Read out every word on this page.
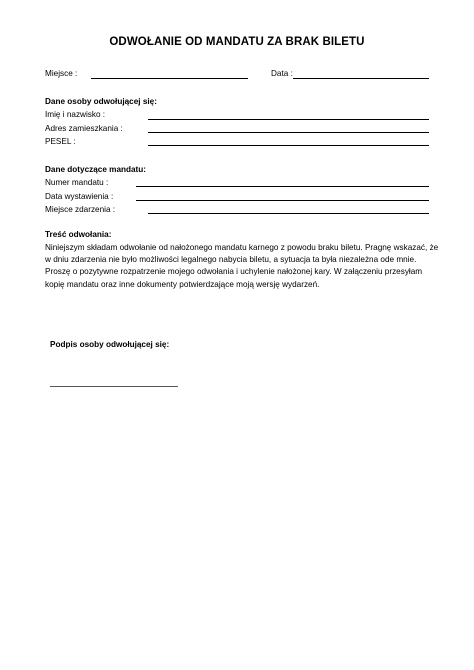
ODWOŁANIE OD MANDATU ZA BRAK BILETU
Miejsce :	Data :
Dane osoby odwołującej się:
Imię i nazwisko :
Adres zamieszkania :
PESEL :
Dane dotyczące mandatu:
Numer mandatu :
Data wystawienia :
Miejsce zdarzenia :
Treść odwołania:
Niniejszym składam odwołanie od nałożonego mandatu karnego z powodu braku biletu. Pragnę wskazać, że w dniu zdarzenia nie było możliwości legalnego nabycia biletu, a sytuacja ta była niezależna ode mnie. Proszę o pozytywne rozpatrzenie mojego odwołania i uchylenie nałożonej kary. W załączeniu przesyłam kopię mandatu oraz inne dokumenty potwierdzające moją wersję wydarzeń.
Podpis osoby odwołującej się:
